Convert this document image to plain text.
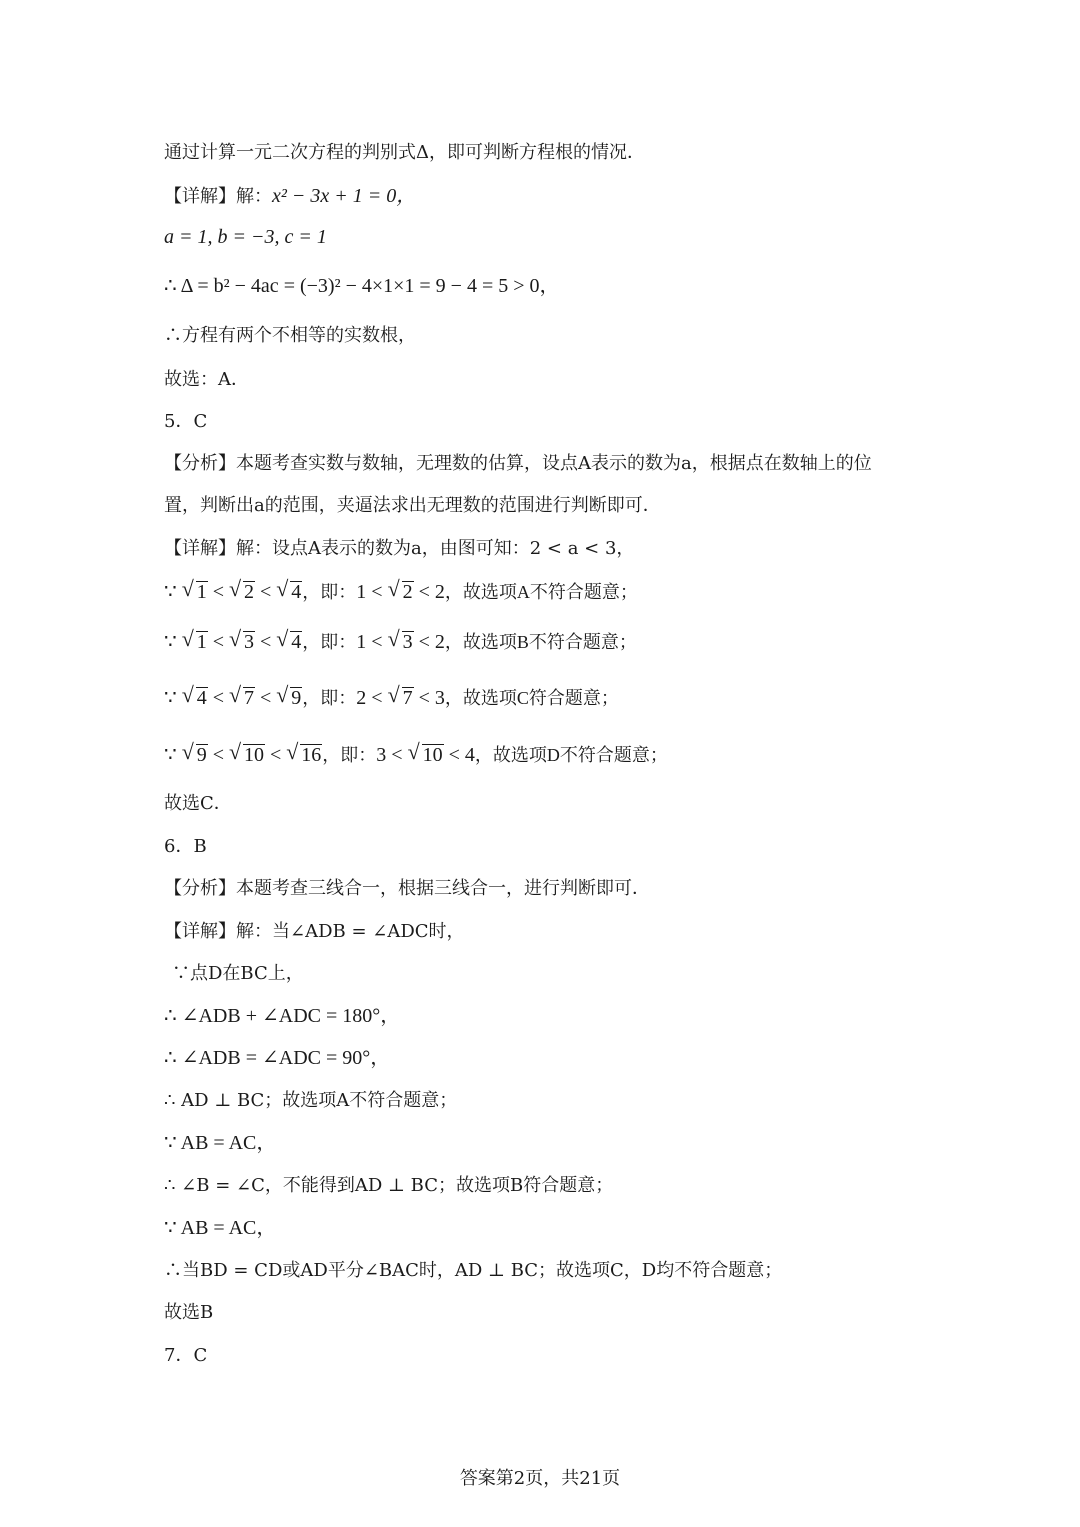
通过计算一元二次方程的判别式Δ，即可判断方程根的情况．
【详解】解：x² − 3x + 1 = 0，
a = 1, b = −3, c = 1
∴ Δ = b² − 4ac = (−3)² − 4×1×1 = 9 − 4 = 5 > 0，
∴方程有两个不相等的实数根，
故选：A．
5．C
【分析】本题考查实数与数轴，无理数的估算，设点A表示的数为a，根据点在数轴上的位
置，判断出a的范围，夹逼法求出无理数的范围进行判断即可．
【详解】解：设点A表示的数为a，由图可知：2 < a < 3，
∵ √ 1 < √ 2 < √ 4，即：1 < √ 2 < 2，故选项A不符合题意；
∵ √ 1 < √ 3 < √ 4，即：1 < √ 3 < 2，故选项B不符合题意；
∵ √ 4 < √ 7 < √ 9，即：2 < √ 7 < 3，故选项C符合题意；
∵ √ 9 < √ 10 < √ 16，即：3 < √ 10 < 4，故选项D不符合题意；
故选C．
6．B
【分析】本题考查三线合一，根据三线合一，进行判断即可．
【详解】解：当∠ADB = ∠ADC时，
∵点D在BC上，
∴ ∠ADB + ∠ADC = 180°，
∴ ∠ADB = ∠ADC = 90°，
∴ AD ⊥ BC；故选项A不符合题意；
∵ AB = AC，
∴ ∠B = ∠C，不能得到AD ⊥ BC；故选项B符合题意；
∵ AB = AC，
∴当BD = CD或AD平分∠BAC时，AD ⊥ BC；故选项C，D均不符合题意；
故选B
7．C
答案第2页，共21页
